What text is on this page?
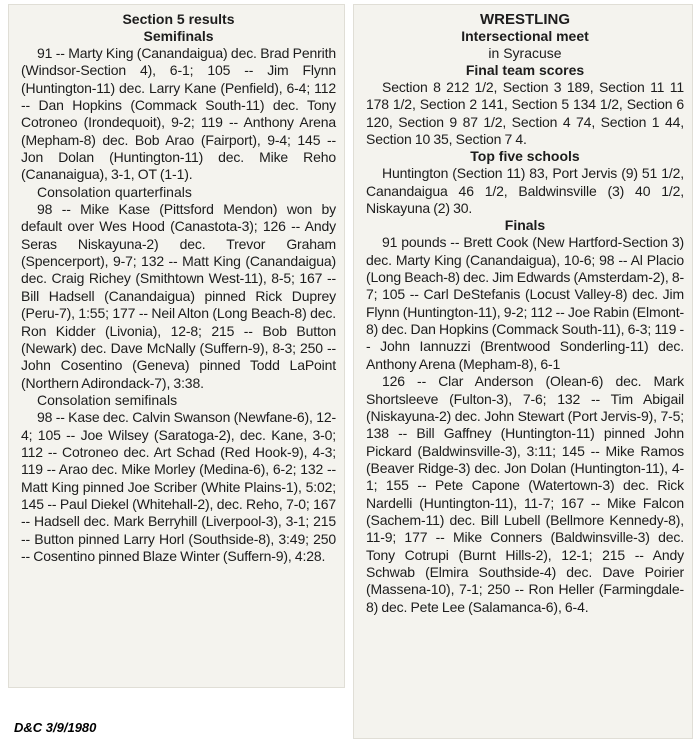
Section 5 results

Semifinals

91 -- Marty King (Canandaigua) dec. Brad Penrith (Windsor-Section 4), 6-1; 105 -- Jim Flynn (Huntington-11) dec. Larry Kane (Penfield), 6-4; 112 -- Dan Hopkins (Commack South-11) dec. Tony Cotroneo (Irondequoit), 9-2; 119 -- Anthony Arena (Mepham-8) dec. Bob Arao (Fairport), 9-4; 145 -- Jon Dolan (Huntington-11) dec. Mike Reho (Cananaigua), 3-1, OT (1-1).

Consolation quarterfinals

98 -- Mike Kase (Pittsford Mendon) won by default over Wes Hood (Canastota-3); 126 -- Andy Seras Niskayuna-2) dec. Trevor Graham (Spencerport), 9-7; 132 -- Matt King (Canandaigua) dec. Craig Richey (Smithtown West-11), 8-5; 167 -- Bill Hadsell (Canandaigua) pinned Rick Duprey (Peru-7), 1:55; 177 -- Neil Alton (Long Beach-8) dec. Ron Kidder (Livonia), 12-8; 215 -- Bob Button (Newark) dec. Dave McNally (Suffern-9), 8-3; 250 -- John Cosentino (Geneva) pinned Todd LaPoint (Northern Adirondack-7), 3:38.

Consolation semifinals

98 -- Kase dec. Calvin Swanson (Newfane-6), 12-4; 105 -- Joe Wilsey (Saratoga-2), dec. Kane, 3-0; 112 -- Cotroneo dec. Art Schad (Red Hook-9), 4-3; 119 -- Arao dec. Mike Morley (Medina-6), 6-2; 132 -- Matt King pinned Joe Scriber (White Plains-1), 5:02; 145 -- Paul Diekel (Whitehall-2), dec. Reho, 7-0; 167 -- Hadsell dec. Mark Berryhill (Liverpool-3), 3-1; 215 -- Button pinned Larry Horl (Southside-8), 3:49; 250 -- Cosentino pinned Blaze Winter (Suffern-9), 4:28.

WRESTLING

Intersectional meet

in Syracuse

Final team scores

Section 8 212 1/2, Section 3 189, Section 11 11 178 1/2, Section 2 141, Section 5 134 1/2, Section 6 120, Section 9 87 1/2, Section 4 74, Section 1 44, Section 10 35, Section 7 4.

Top five schools

Huntington (Section 11) 83, Port Jervis (9) 51 1/2, Canandaigua 46 1/2, Baldwinsville (3) 40 1/2, Niskayuna (2) 30.

Finals

91 pounds -- Brett Cook (New Hartford-Section 3) dec. Marty King (Canandaigua), 10-6; 98 -- Al Placio (Long Beach-8) dec. Jim Edwards (Amsterdam-2), 8-7; 105 -- Carl DeStefanis (Locust Valley-8) dec. Jim Flynn (Huntington-11), 9-2; 112 -- Joe Rabin (Elmont-8) dec. Dan Hopkins (Commack South-11), 6-3; 119 -- John Iannuzzi (Brentwood Sonderling-11) dec. Anthony Arena (Mepham-8), 6-1

126 -- Clar Anderson (Olean-6) dec. Mark Shortsleeve (Fulton-3), 7-6; 132 -- Tim Abigail (Niskayuna-2) dec. John Stewart (Port Jervis-9), 7-5; 138 -- Bill Gaffney (Huntington-11) pinned John Pickard (Baldwinsville-3), 3:11; 145 -- Mike Ramos (Beaver Ridge-3) dec. Jon Dolan (Huntington-11), 4-1; 155 -- Pete Capone (Watertown-3) dec. Rick Nardelli (Huntington-11), 11-7; 167 -- Mike Falcon (Sachem-11) dec. Bill Lubell (Bellmore Kennedy-8), 11-9; 177 -- Mike Conners (Baldwinsville-3) dec. Tony Cotrupi (Burnt Hills-2), 12-1; 215 -- Andy Schwab (Elmira Southside-4) dec. Dave Poirier (Massena-10), 7-1; 250 -- Ron Heller (Farmingdale-8) dec. Pete Lee (Salamanca-6), 6-4.

D&C 3/9/1980
